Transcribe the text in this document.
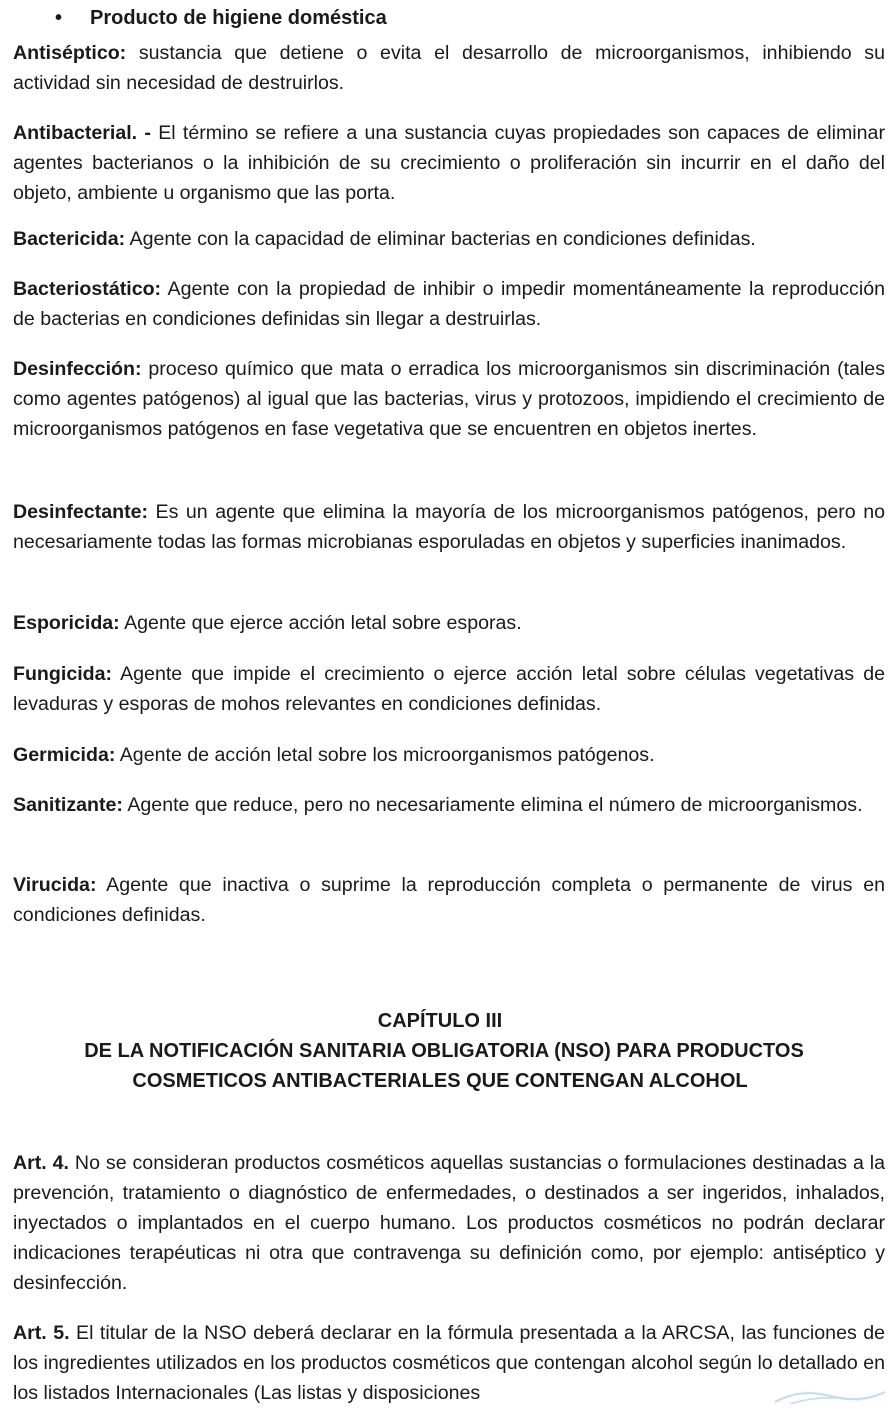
• Producto de higiene doméstica

Antiséptico: sustancia que detiene o evita el desarrollo de microorganismos, inhibiendo su actividad sin necesidad de destruirlos.

Antibacterial. - El término se refiere a una sustancia cuyas propiedades son capaces de eliminar agentes bacterianos o la inhibición de su crecimiento o proliferación sin incurrir en el daño del objeto, ambiente u organismo que las porta.

Bactericida: Agente con la capacidad de eliminar bacterias en condiciones definidas.

Bacteriostático: Agente con la propiedad de inhibir o impedir momentáneamente la reproducción de bacterias en condiciones definidas sin llegar a destruirlas.

Desinfección: proceso químico que mata o erradica los microorganismos sin discriminación (tales como agentes patógenos) al igual que las bacterias, virus y protozoos, impidiendo el crecimiento de microorganismos patógenos en fase vegetativa que se encuentren en objetos inertes.

Desinfectante: Es un agente que elimina la mayoría de los microorganismos patógenos, pero no necesariamente todas las formas microbianas esporuladas en objetos y superficies inanimados.

Esporicida: Agente que ejerce acción letal sobre esporas.

Fungicida: Agente que impide el crecimiento o ejerce acción letal sobre células vegetativas de levaduras y esporas de mohos relevantes en condiciones definidas.

Germicida: Agente de acción letal sobre los microorganismos patógenos.

Sanitizante: Agente que reduce, pero no necesariamente elimina el número de microorganismos.

Virucida: Agente que inactiva o suprime la reproducción completa o permanente de virus en condiciones definidas.

CAPÍTULO III
DE LA NOTIFICACIÓN SANITARIA OBLIGATORIA (NSO) PARA PRODUCTOS
COSMETICOS ANTIBACTERIALES QUE CONTENGAN ALCOHOL

Art. 4. No se consideran productos cosméticos aquellas sustancias o formulaciones destinadas a la prevención, tratamiento o diagnóstico de enfermedades, o destinados a ser ingeridos, inhalados, inyectados o implantados en el cuerpo humano. Los productos cosméticos no podrán declarar indicaciones terapéuticas ni otra que contravenga su definición como, por ejemplo: antiséptico y desinfección.

Art. 5. El titular de la NSO deberá declarar en la fórmula presentada a la ARCSA, las funciones de los ingredientes utilizados en los productos cosméticos que contengan alcohol según lo detallado en los listados Internacionales (Las listas y disposiciones
